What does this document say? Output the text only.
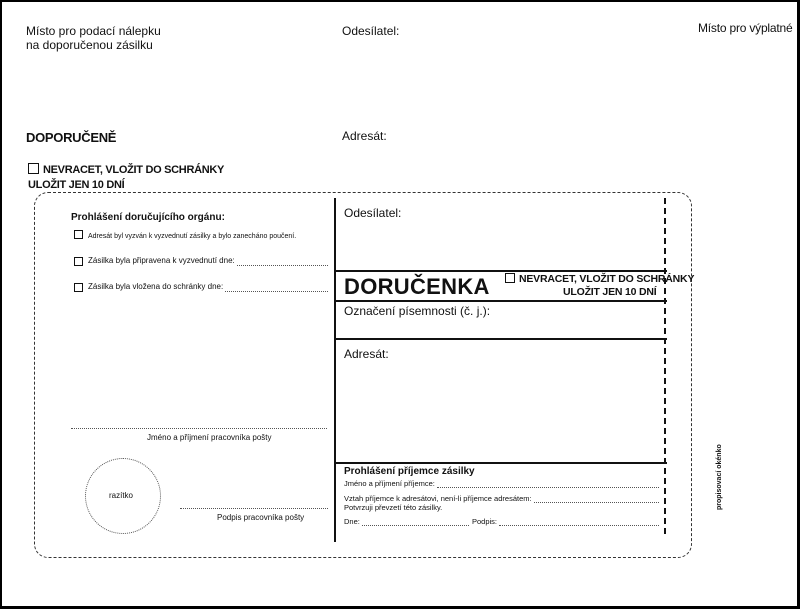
Místo pro podací nálepku
na doporučenou zásilku
Odesílatel:	Místo pro výplatné
DOPORUČENĚ	Adresát:
NEVRACET, VLOŽIT DO SCHRÁNKY
ULOŽIT JEN 10 DNÍ
Prohlášení doručujícího orgánu:
Adresát byl vyzván k vyzvednutí zásilky a bylo zanecháno poučení.
Zásilka byla připravena k vyzvednutí dne:
Zásilka byla vložena do schránky dne:
Jméno a příjmení pracovníka pošty
razítko
Podpis pracovníka pošty
Odesílatel:
DORUČENKA	NEVRACET, VLOŽIT DO SCHRÁNKY
ULOŽIT JEN 10 DNÍ
Označení písemnosti (č. j.):
Adresát:
Prohlášení příjemce zásilky
Jméno a příjmení příjemce:
Vztah příjemce k adresátovi, není-li příjemce adresátem:
Potvrzuji převzetí této zásilky.
Dne:	Podpis:
propisovací okénko
